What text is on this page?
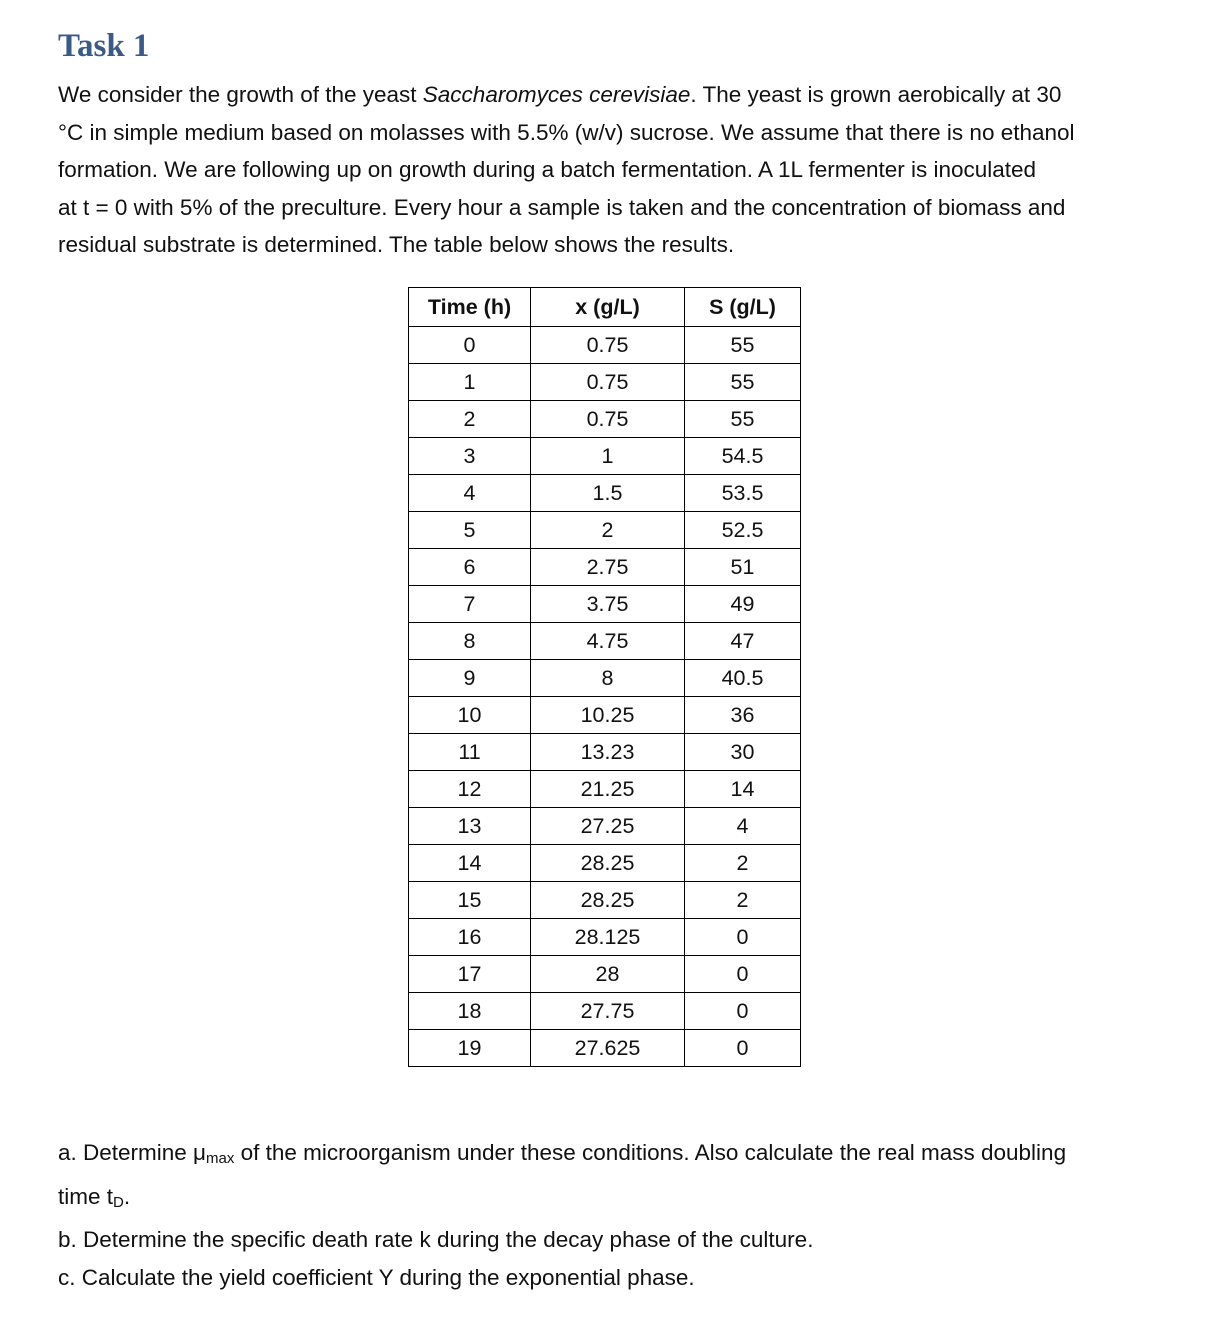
Task 1
We consider the growth of the yeast Saccharomyces cerevisiae. The yeast is grown aerobically at 30
°C in simple medium based on molasses with 5.5% (w/v) sucrose. We assume that there is no ethanol
formation. We are following up on growth during a batch fermentation. A 1L fermenter is inoculated
at t = 0 with 5% of the preculture. Every hour a sample is taken and the concentration of biomass and
residual substrate is determined. The table below shows the results.
Time (h)	x (g/L)	S (g/L)
0	0.75	55
1	0.75	55
2	0.75	55
3	1	54.5
4	1.5	53.5
5	2	52.5
6	2.75	51
7	3.75	49
8	4.75	47
9	8	40.5
10	10.25	36
11	13.23	30
12	21.25	14
13	27.25	4
14	28.25	2
15	28.25	2
16	28.125	0
17	28	0
18	27.75	0
19	27.625	0
a. Determine $\mu_{max}$ of the microorganism under these conditions. Also calculate the real mass doubling
time $t_D$.
b. Determine the specific death rate k during the decay phase of the culture.
c. Calculate the yield coefficient Y during the exponential phase.
